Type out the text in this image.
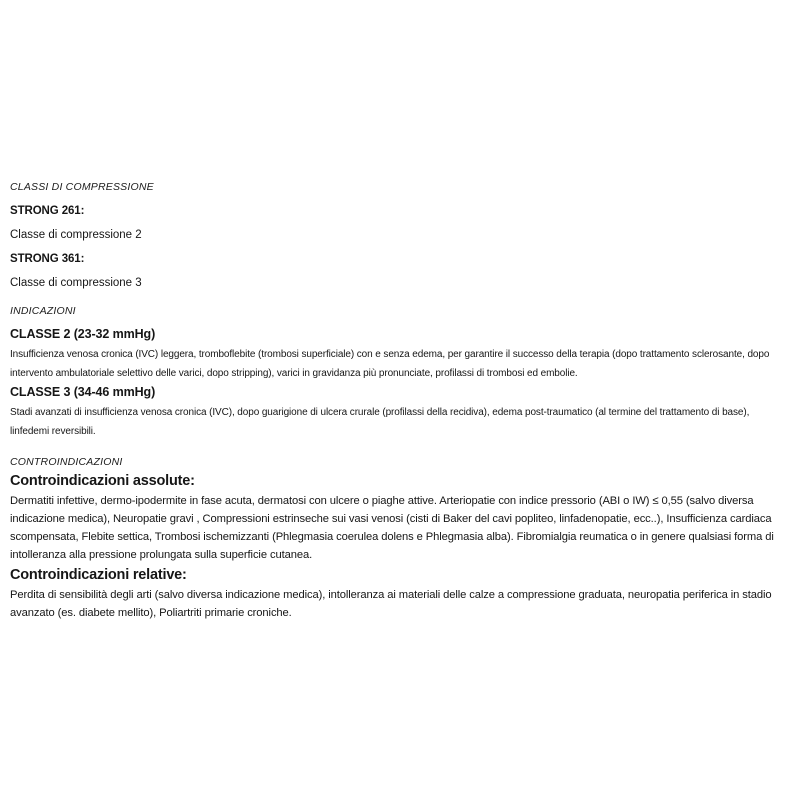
CLASSI DI COMPRESSIONE
STRONG 261:
Classe di compressione 2
STRONG 361:
Classe di compressione 3
INDICAZIONI
CLASSE 2 (23-32 mmHg)
Insufficienza venosa cronica (IVC) leggera, tromboflebite (trombosi superficiale) con e senza edema, per garantire il successo della terapia (dopo trattamento sclerosante, dopo intervento ambulatoriale selettivo delle varici, dopo stripping), varici in gravidanza più pronunciate, profilassi di trombosi ed embolie.
CLASSE 3 (34-46 mmHg)
Stadi avanzati di insufficienza venosa cronica (IVC), dopo guarigione di ulcera crurale (profilassi della recidiva), edema post-traumatico (al termine del trattamento di base), linfedemi reversibili.
CONTROINDICAZIONI
Controindicazioni assolute:
Dermatiti infettive, dermo-ipodermite in fase acuta, dermatosi con ulcere o piaghe attive. Arteriopatie con indice pressorio (ABI o IW) ≤ 0,55 (salvo diversa indicazione medica), Neuropatie gravi , Compressioni estrinseche sui vasi venosi (cisti di Baker del cavi popliteo, linfadenopatie, ecc..), Insufficienza cardiaca scompensata, Flebite settica, Trombosi ischemizzanti (Phlegmasia coerulea dolens e Phlegmasia alba). Fibromialgia reumatica o in genere qualsiasi forma di intolleranza alla pressione prolungata sulla superficie cutanea.
Controindicazioni relative:
Perdita di sensibilità degli arti (salvo diversa indicazione medica), intolleranza ai materiali delle calze a compressione graduata, neuropatia periferica in stadio avanzato (es. diabete mellito), Poliartriti primarie croniche.
